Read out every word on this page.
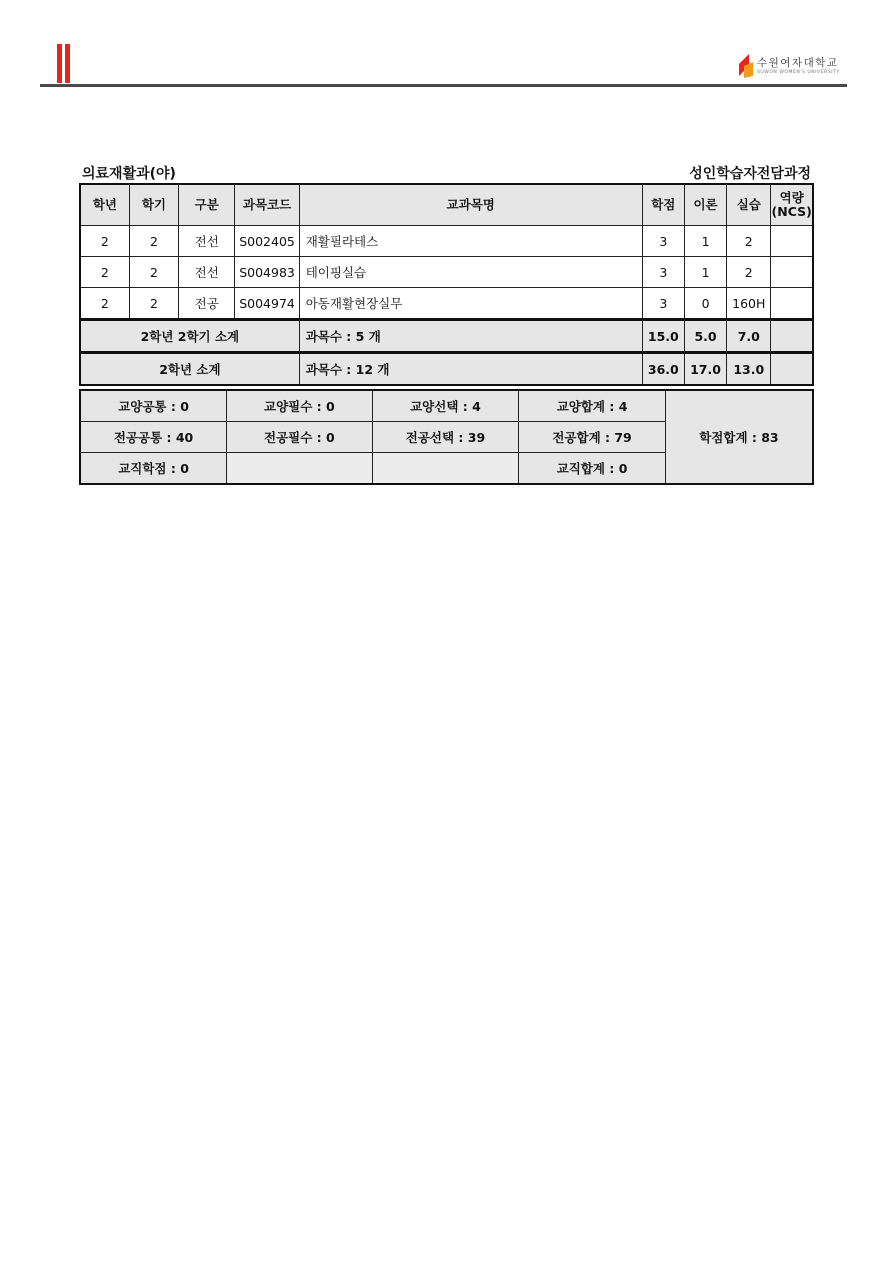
수원여자대학교
SUWON WOMEN'S UNIVERSITY
의료재활과(야)	성인학습자전담과정
학년	학기	구분	과목코드	교과목명	학점	이론	실습	역량
(NCS)
2	2	전선	S002405	재활필라테스	3	1	2	
2	2	전선	S004983	테이핑실습	3	1	2	
2	2	전공	S004974	아동재활현장실무	3	0	160H	
2학년 2학기 소계				과목수 : 5 개	15.0	5.0	7.0	
2학년 소계				과목수 : 12 개	36.0	17.0	13.0	
교양공통 : 0	교양필수 : 0	교양선택 : 4	교양합계 : 4	학점합계 : 83
전공공통 : 40	전공필수 : 0	전공선택 : 39	전공합계 : 79	
교직학점 : 0			교직합계 : 0	
